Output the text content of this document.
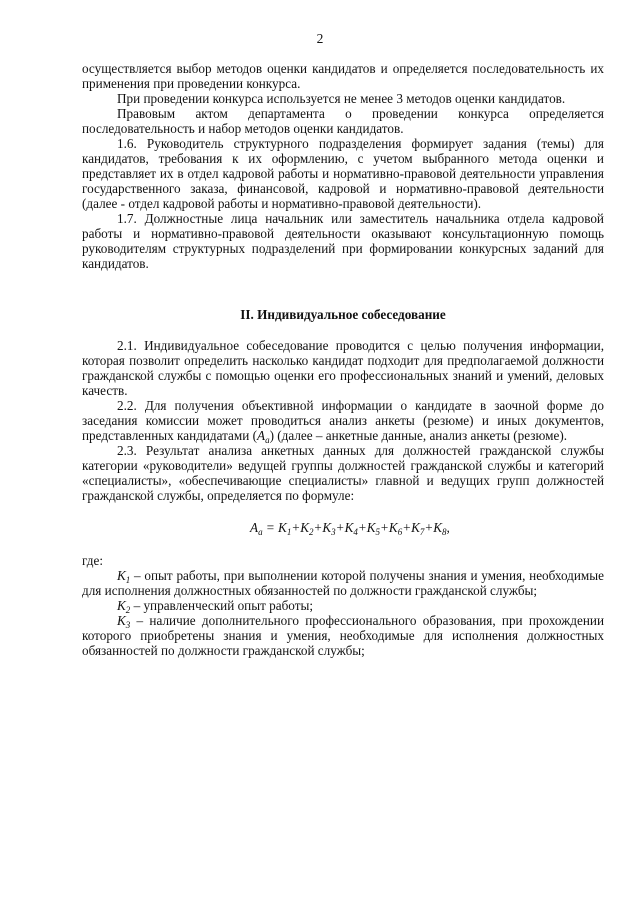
2

осуществляется выбор методов оценки кандидатов и определяется последовательность их применения при проведении конкурса.

При проведении конкурса используется не менее 3 методов оценки кандидатов.

Правовым актом департамента о проведении конкурса определяется последовательность и набор методов оценки кандидатов.

1.6. Руководитель структурного подразделения формирует задания (темы) для кандидатов, требования к их оформлению, с учетом выбранного метода оценки и представляет их в отдел кадровой работы и нормативно-правовой деятельности управления государственного заказа, финансовой, кадровой и нормативно-правовой деятельности (далее - отдел кадровой работы и нормативно-правовой деятельности).

1.7. Должностные лица начальник или заместитель начальника отдела кадровой работы и нормативно-правовой деятельности оказывают консультационную помощь руководителям структурных подразделений при формировании конкурсных заданий для кандидатов.

II. Индивидуальное собеседование

2.1. Индивидуальное собеседование проводится с целью получения информации, которая позволит определить насколько кандидат подходит для предполагаемой должности гражданской службы с помощью оценки его профессиональных знаний и умений, деловых качеств.

2.2. Для получения объективной информации о кандидате в заочной форме до заседания комиссии может проводиться анализ анкеты (резюме) и иных документов, представленных кандидатами $(А_а)$ (далее – анкетные данные, анализ анкеты (резюме).

2.3. Результат анализа анкетных данных для должностей гражданской службы категории «руководители» ведущей группы должностей гражданской службы и категорий «специалисты», «обеспечивающие специалисты» главной и ведущих групп должностей гражданской службы, определяется по формуле:

$А_а = К_1+К_2+К_3+К_4+К_5+К_6+К_7+К_8$,

где:

$К_1$ – опыт работы, при выполнении которой получены знания и умения, необходимые для исполнения должностных обязанностей по должности гражданской службы;

$К_2$ – управленческий опыт работы;

$К_3$ – наличие дополнительного профессионального образования, при прохождении которого приобретены знания и умения, необходимые для исполнения должностных обязанностей по должности гражданской службы;
